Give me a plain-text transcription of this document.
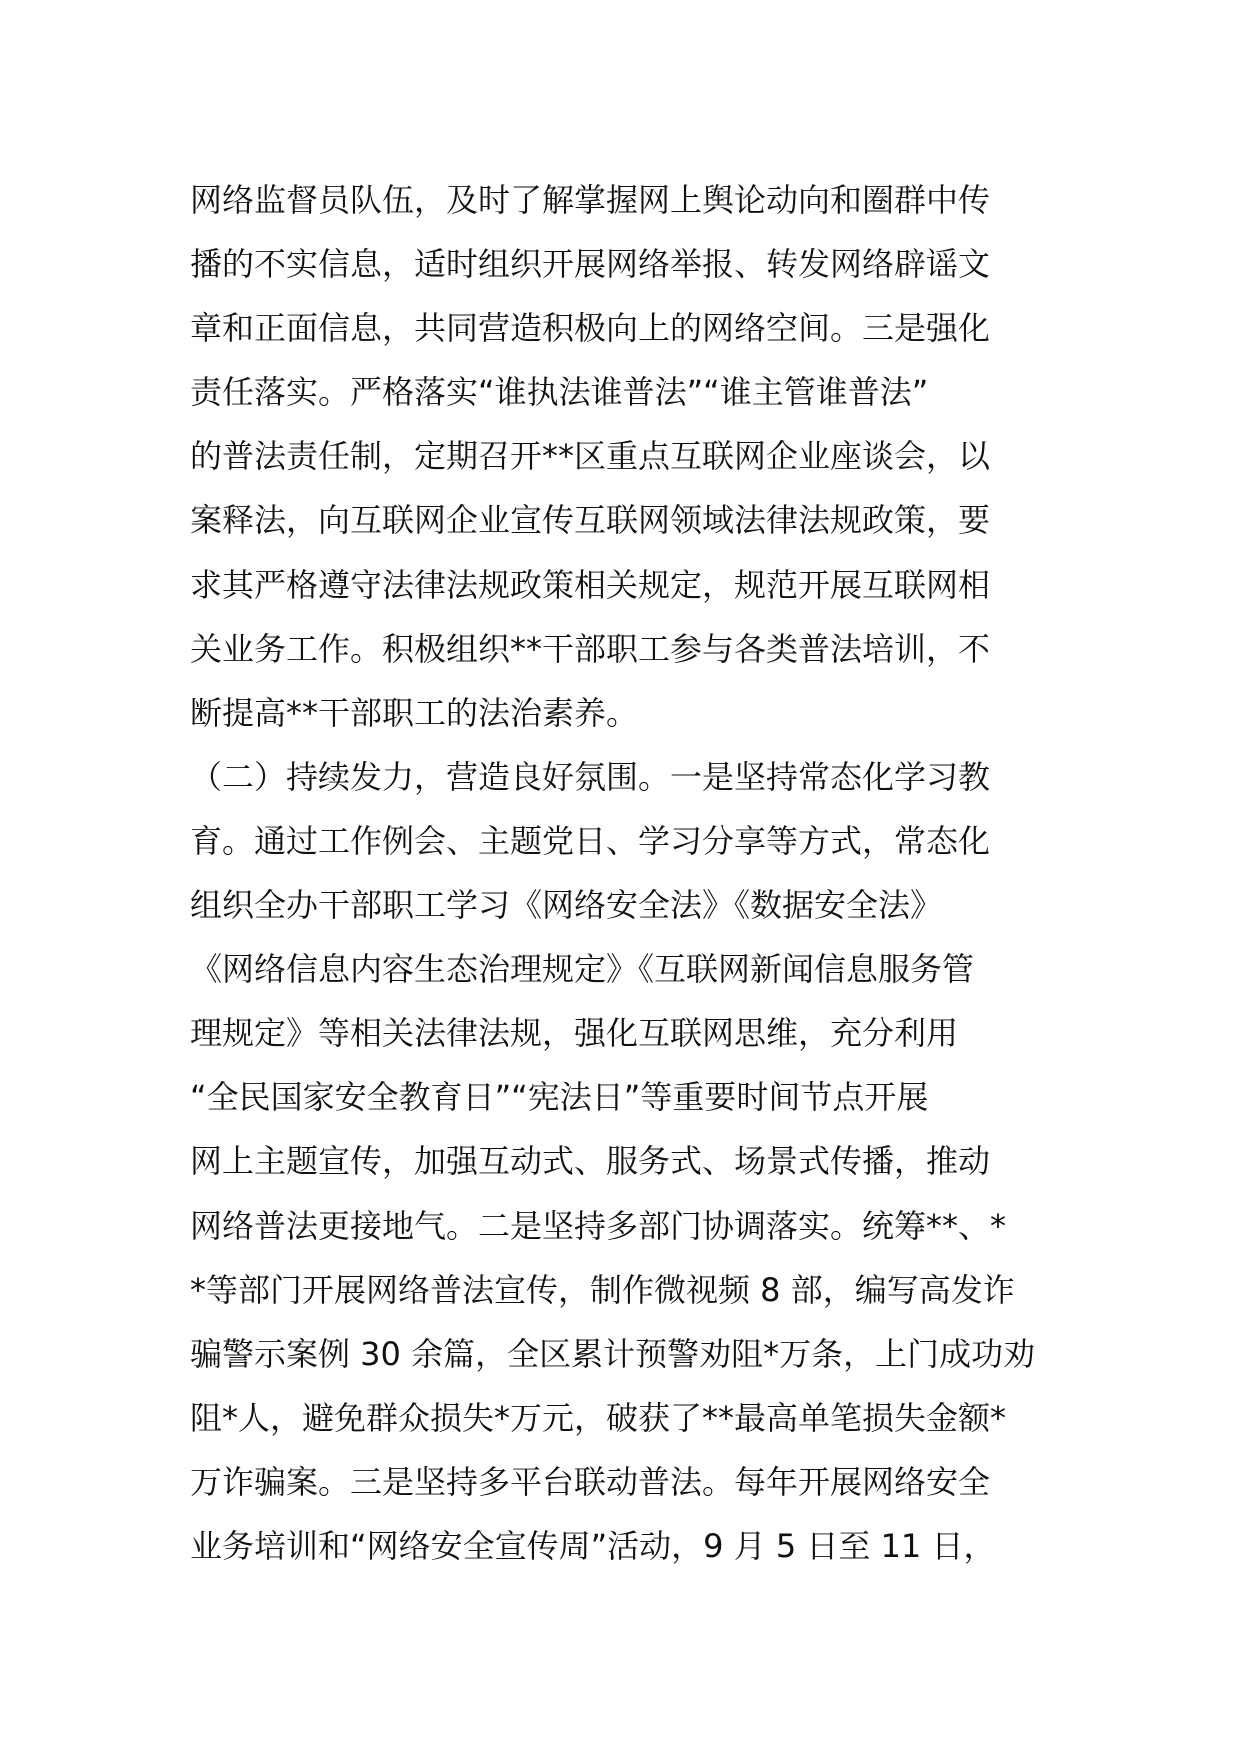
网络监督员队伍，及时了解掌握网上舆论动向和圈群中传
播的不实信息，适时组织开展网络举报、转发网络辟谣文
章和正面信息，共同营造积极向上的网络空间。三是强化
责任落实。严格落实“谁执法谁普法”“谁主管谁普法”
的普法责任制，定期召开**区重点互联网企业座谈会，以
案释法，向互联网企业宣传互联网领域法律法规政策，要
求其严格遵守法律法规政策相关规定，规范开展互联网相
关业务工作。积极组织**干部职工参与各类普法培训，不
断提高**干部职工的法治素养。
（二）持续发力，营造良好氛围。一是坚持常态化学习教
育。通过工作例会、主题党日、学习分享等方式，常态化
组织全办干部职工学习《网络安全法》《数据安全法》
《网络信息内容生态治理规定》《互联网新闻信息服务管
理规定》等相关法律法规，强化互联网思维，充分利用
“全民国家安全教育日”“宪法日”等重要时间节点开展
网上主题宣传，加强互动式、服务式、场景式传播，推动
网络普法更接地气。二是坚持多部门协调落实。统筹**、*
*等部门开展网络普法宣传，制作微视频 8 部，编写高发诈
骗警示案例 30 余篇，全区累计预警劝阻*万条，上门成功劝
阻*人，避免群众损失*万元，破获了**最高单笔损失金额*
万诈骗案。三是坚持多平台联动普法。每年开展网络安全
业务培训和“网络安全宣传周”活动，9 月 5 日至 11 日，
